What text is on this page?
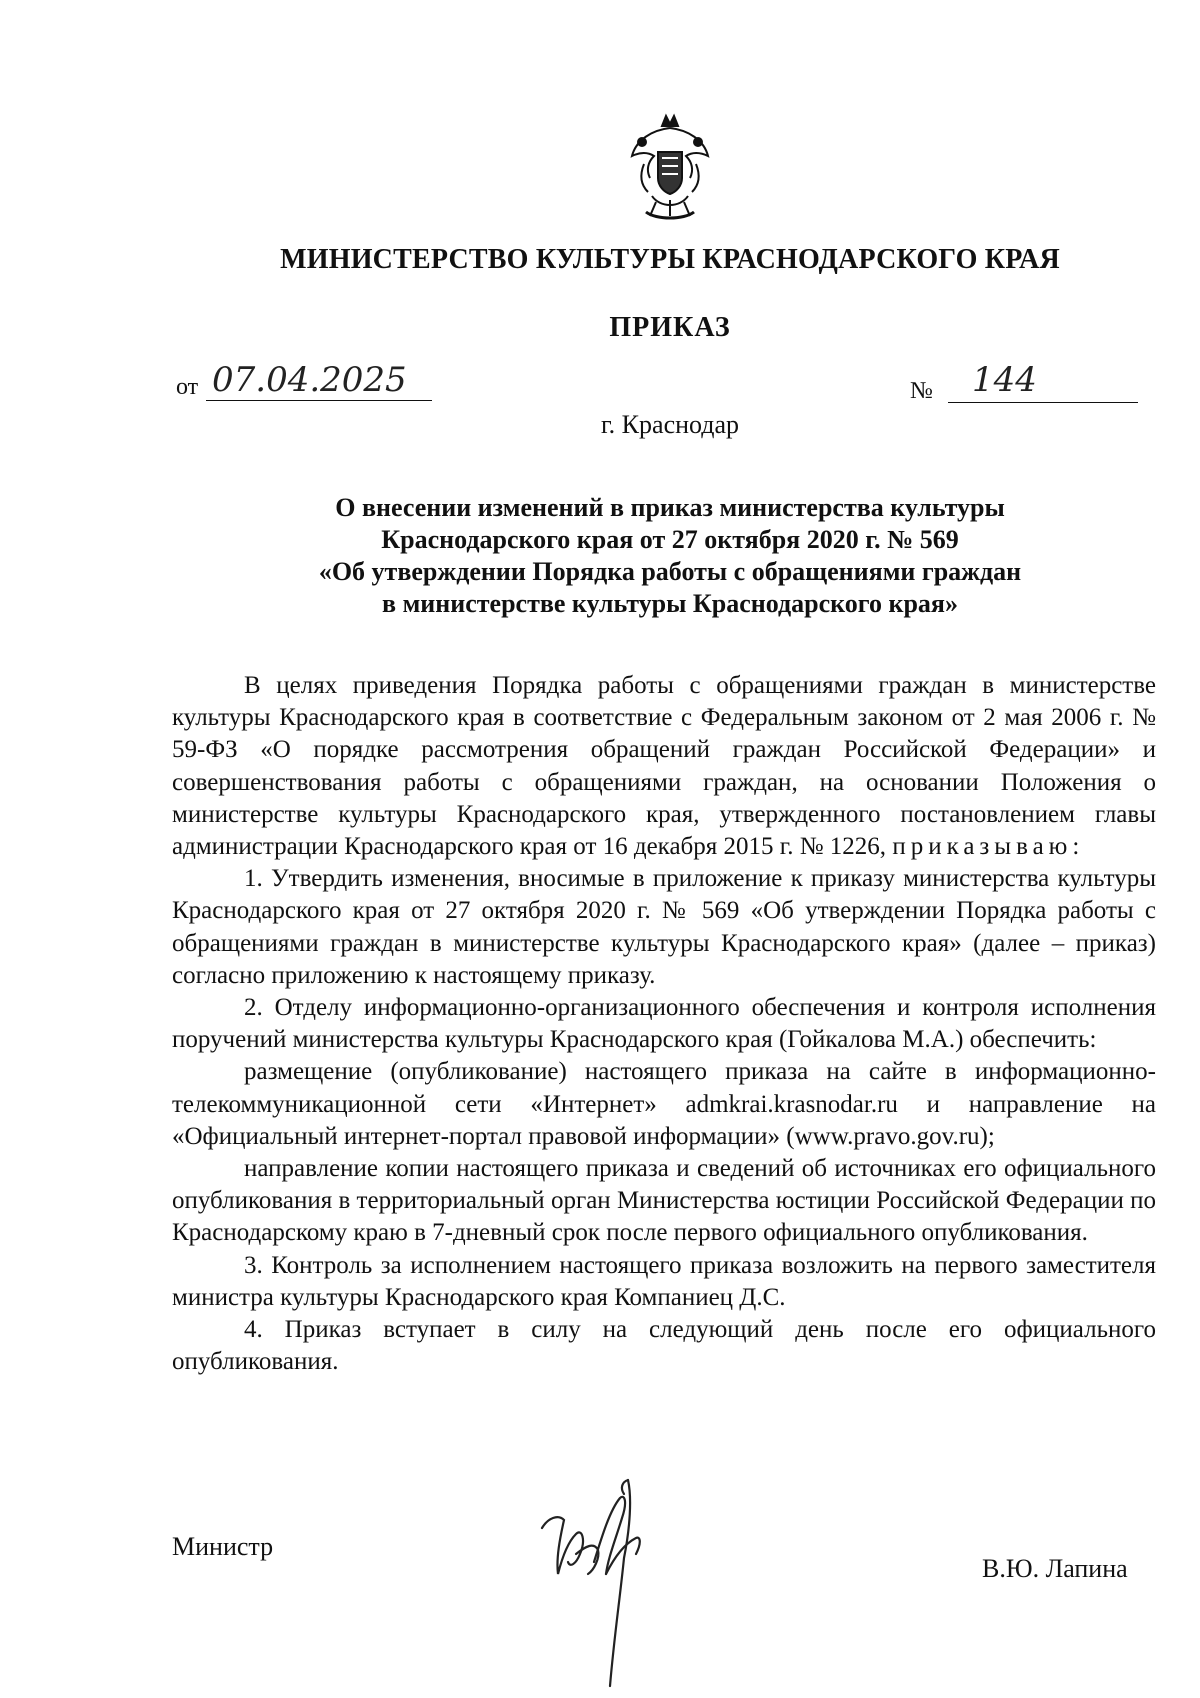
МИНИСТЕРСТВО КУЛЬТУРЫ КРАСНОДАРСКОГО КРАЯ
ПРИКАЗ
от 07.04.2025	№ 144
г. Краснодар
О внесении изменений в приказ министерства культуры
Краснодарского края от 27 октября 2020 г. № 569
«Об утверждении Порядка работы с обращениями граждан
в министерстве культуры Краснодарского края»

В целях приведения Порядка работы с обращениями граждан в министерстве культуры Краснодарского края в соответствие с Федеральным законом от 2 мая 2006 г. № 59-ФЗ «О порядке рассмотрения обращений граждан Российской Федерации» и совершенствования работы с обращениями граждан, на основании Положения о министерстве культуры Краснодарского края, утвержденного постановлением главы администрации Краснодарского края от 16 декабря 2015 г. № 1226, приказываю:

1. Утвердить изменения, вносимые в приложение к приказу министерства культуры Краснодарского края от 27 октября 2020 г. № 569 «Об утверждении Порядка работы с обращениями граждан в министерстве культуры Краснодарского края» (далее – приказ) согласно приложению к настоящему приказу.

2. Отделу информационно-организационного обеспечения и контроля исполнения поручений министерства культуры Краснодарского края (Гойкалова М.А.) обеспечить:

размещение (опубликование) настоящего приказа на сайте в информационно-телекоммуникационной сети «Интернет» admkrai.krasnodar.ru и направление на «Официальный интернет-портал правовой информации» (www.pravo.gov.ru);

направление копии настоящего приказа и сведений об источниках его официального опубликования в территориальный орган Министерства юстиции Российской Федерации по Краснодарскому краю в 7-дневный срок после первого официального опубликования.

3. Контроль за исполнением настоящего приказа возложить на первого заместителя министра культуры Краснодарского края Компаниец Д.С.

4. Приказ вступает в силу на следующий день после его официального опубликования.

Министр
В.Ю. Лапина
